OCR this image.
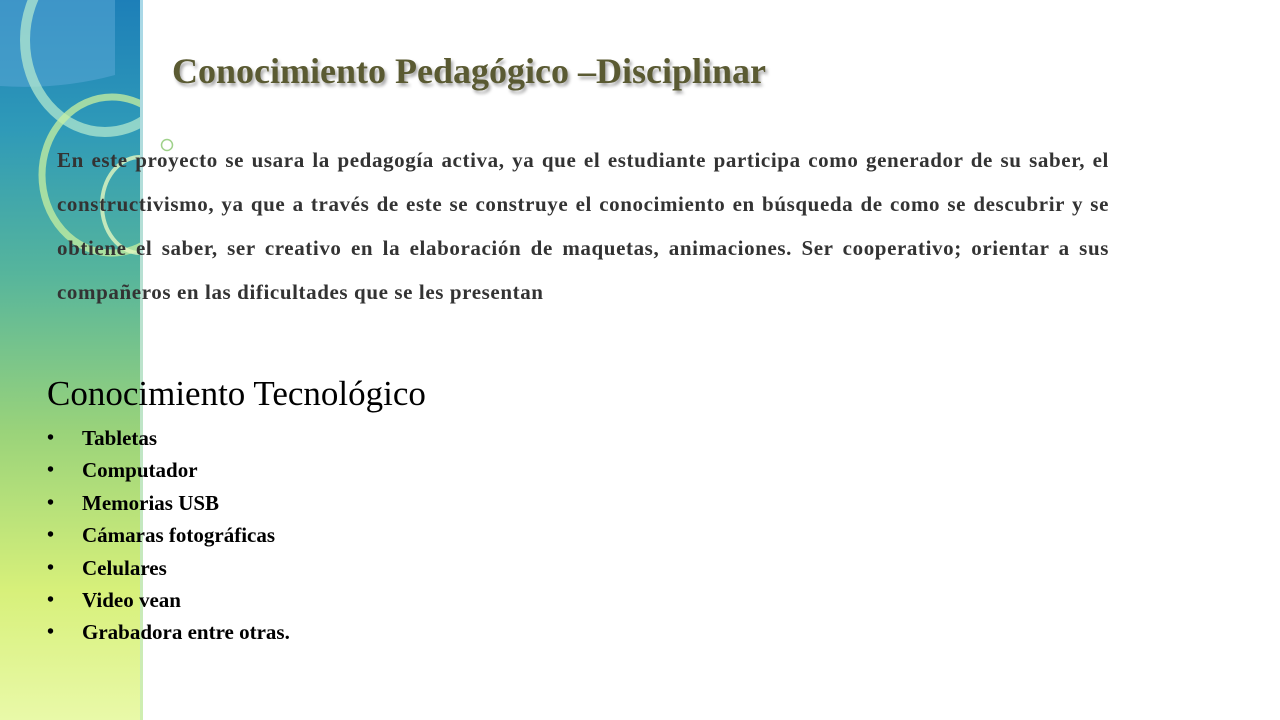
Conocimiento Pedagógico –Disciplinar
En este proyecto se usara la pedagogía activa, ya que el estudiante participa como generador de su saber, el constructivismo, ya que a través de este se construye el conocimiento en búsqueda de como se descubrir y se obtiene el saber, ser creativo en la elaboración de maquetas, animaciones. Ser cooperativo; orientar a sus compañeros en las dificultades que se les presentan
Conocimiento Tecnológico
• Tabletas
• Computador
• Memorias USB
• Cámaras fotográficas
• Celulares
• Video vean
• Grabadora entre otras.
